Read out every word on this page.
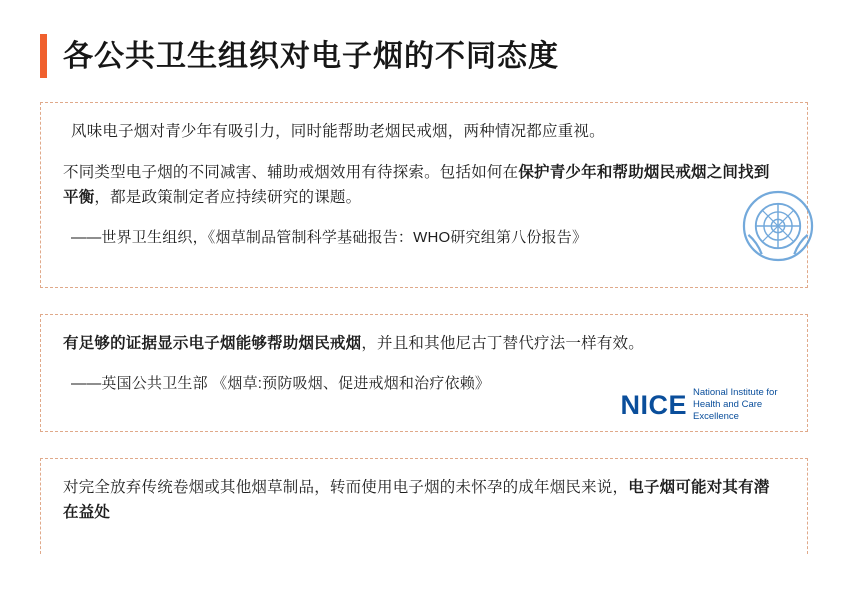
各公共卫生组织对电子烟的不同态度

风味电子烟对青少年有吸引力，同时能帮助老烟民戒烟，两种情况都应重视。

不同类型电子烟的不同减害、辅助戒烟效用有待探索。包括如何在保护青少年和帮助烟民戒烟之间找到平衡，都是政策制定者应持续研究的课题。

——世界卫生组织，《烟草制品管制科学基础报告：WHO研究组第八份报告》

有足够的证据显示电子烟能够帮助烟民戒烟，并且和其他尼古丁替代疗法一样有效。

——英国公共卫生部 《烟草:预防吸烟、促进戒烟和治疗依赖》

NICE National Institute for Health and Care Excellence

对完全放弃传统卷烟或其他烟草制品，转而使用电子烟的未怀孕的成年烟民来说，电子烟可能对其有潜在益处
